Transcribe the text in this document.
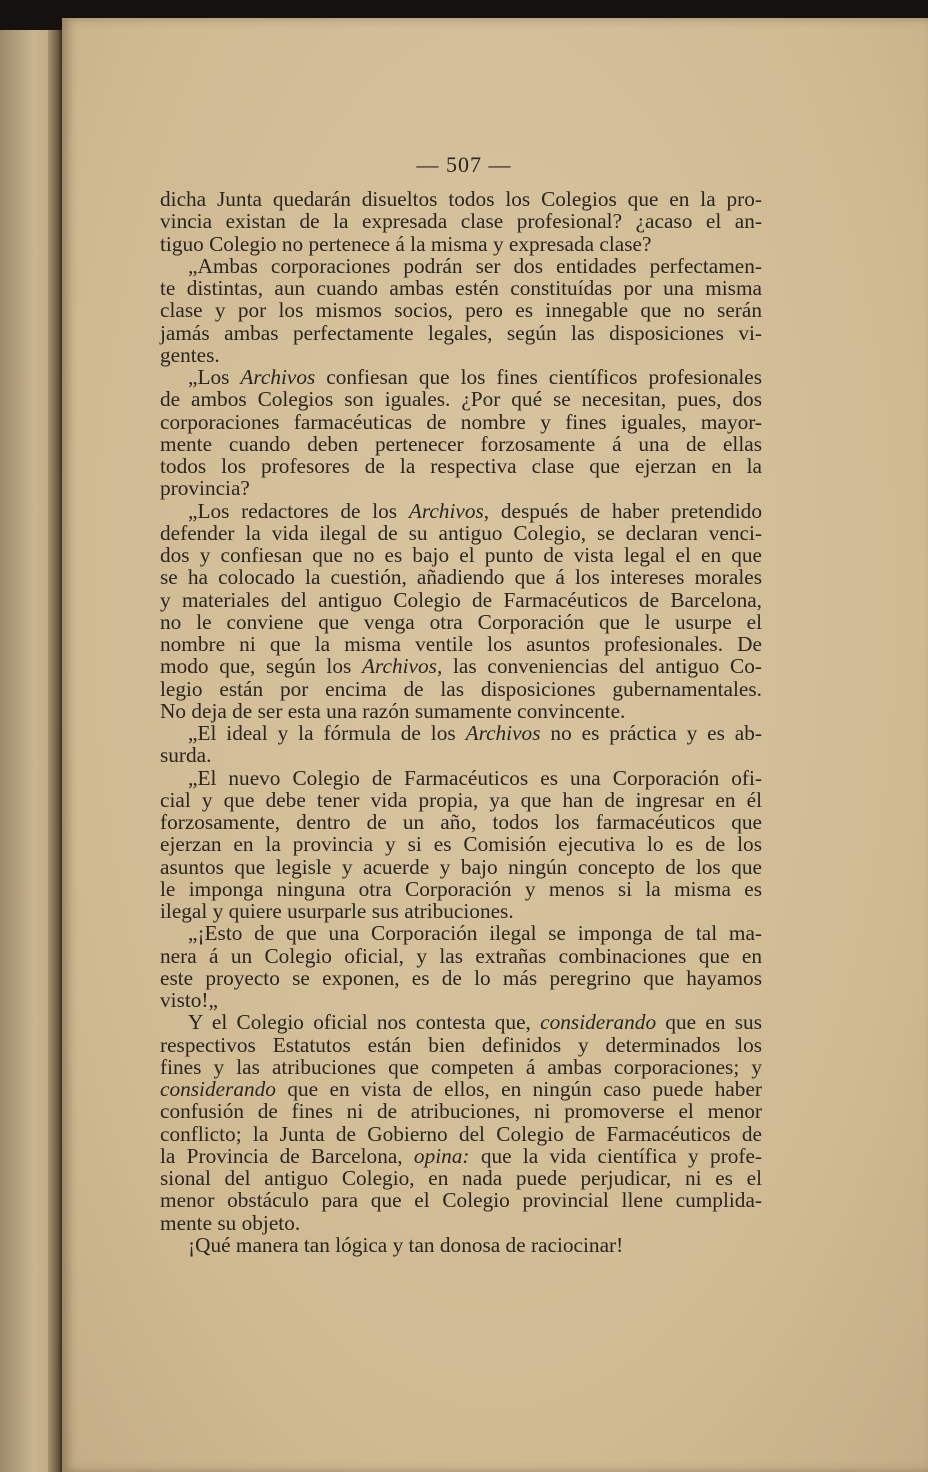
— 507 —
dicha Junta quedarán disueltos todos los Colegios que en la pro-
vincia existan de la expresada clase profesional? ¿acaso el an-
tiguo Colegio no pertenece á la misma y expresada clase?
„Ambas corporaciones podrán ser dos entidades perfectamen-
te distintas, aun cuando ambas estén constituídas por una misma
clase y por los mismos socios, pero es innegable que no serán
jamás ambas perfectamente legales, según las disposiciones vi-
gentes.
„Los Archivos confiesan que los fines científicos profesionales
de ambos Colegios son iguales. ¿Por qué se necesitan, pues, dos
corporaciones farmacéuticas de nombre y fines iguales, mayor-
mente cuando deben pertenecer forzosamente á una de ellas
todos los profesores de la respectiva clase que ejerzan en la
provincia?
„Los redactores de los Archivos, después de haber pretendido
defender la vida ilegal de su antiguo Colegio, se declaran venci-
dos y confiesan que no es bajo el punto de vista legal el en que
se ha colocado la cuestión, añadiendo que á los intereses morales
y materiales del antiguo Colegio de Farmacéuticos de Barcelona,
no le conviene que venga otra Corporación que le usurpe el
nombre ni que la misma ventile los asuntos profesionales. De
modo que, según los Archivos, las conveniencias del antiguo Co-
legio están por encima de las disposiciones gubernamentales.
No deja de ser esta una razón sumamente convincente.
„El ideal y la fórmula de los Archivos no es práctica y es ab-
surda.
„El nuevo Colegio de Farmacéuticos es una Corporación ofi-
cial y que debe tener vida propia, ya que han de ingresar en él
forzosamente, dentro de un año, todos los farmacéuticos que
ejerzan en la provincia y si es Comisión ejecutiva lo es de los
asuntos que legisle y acuerde y bajo ningún concepto de los que
le imponga ninguna otra Corporación y menos si la misma es
ilegal y quiere usurparle sus atribuciones.
„¡Esto de que una Corporación ilegal se imponga de tal ma-
nera á un Colegio oficial, y las extrañas combinaciones que en
este proyecto se exponen, es de lo más peregrino que hayamos
visto!„
Y el Colegio oficial nos contesta que, considerando que en sus
respectivos Estatutos están bien definidos y determinados los
fines y las atribuciones que competen á ambas corporaciones; y
considerando que en vista de ellos, en ningún caso puede haber
confusión de fines ni de atribuciones, ni promoverse el menor
conflicto; la Junta de Gobierno del Colegio de Farmacéuticos de
la Provincia de Barcelona, opina: que la vida científica y profe-
sional del antiguo Colegio, en nada puede perjudicar, ni es el
menor obstáculo para que el Colegio provincial llene cumplida-
mente su objeto.
¡Qué manera tan lógica y tan donosa de raciocinar!
